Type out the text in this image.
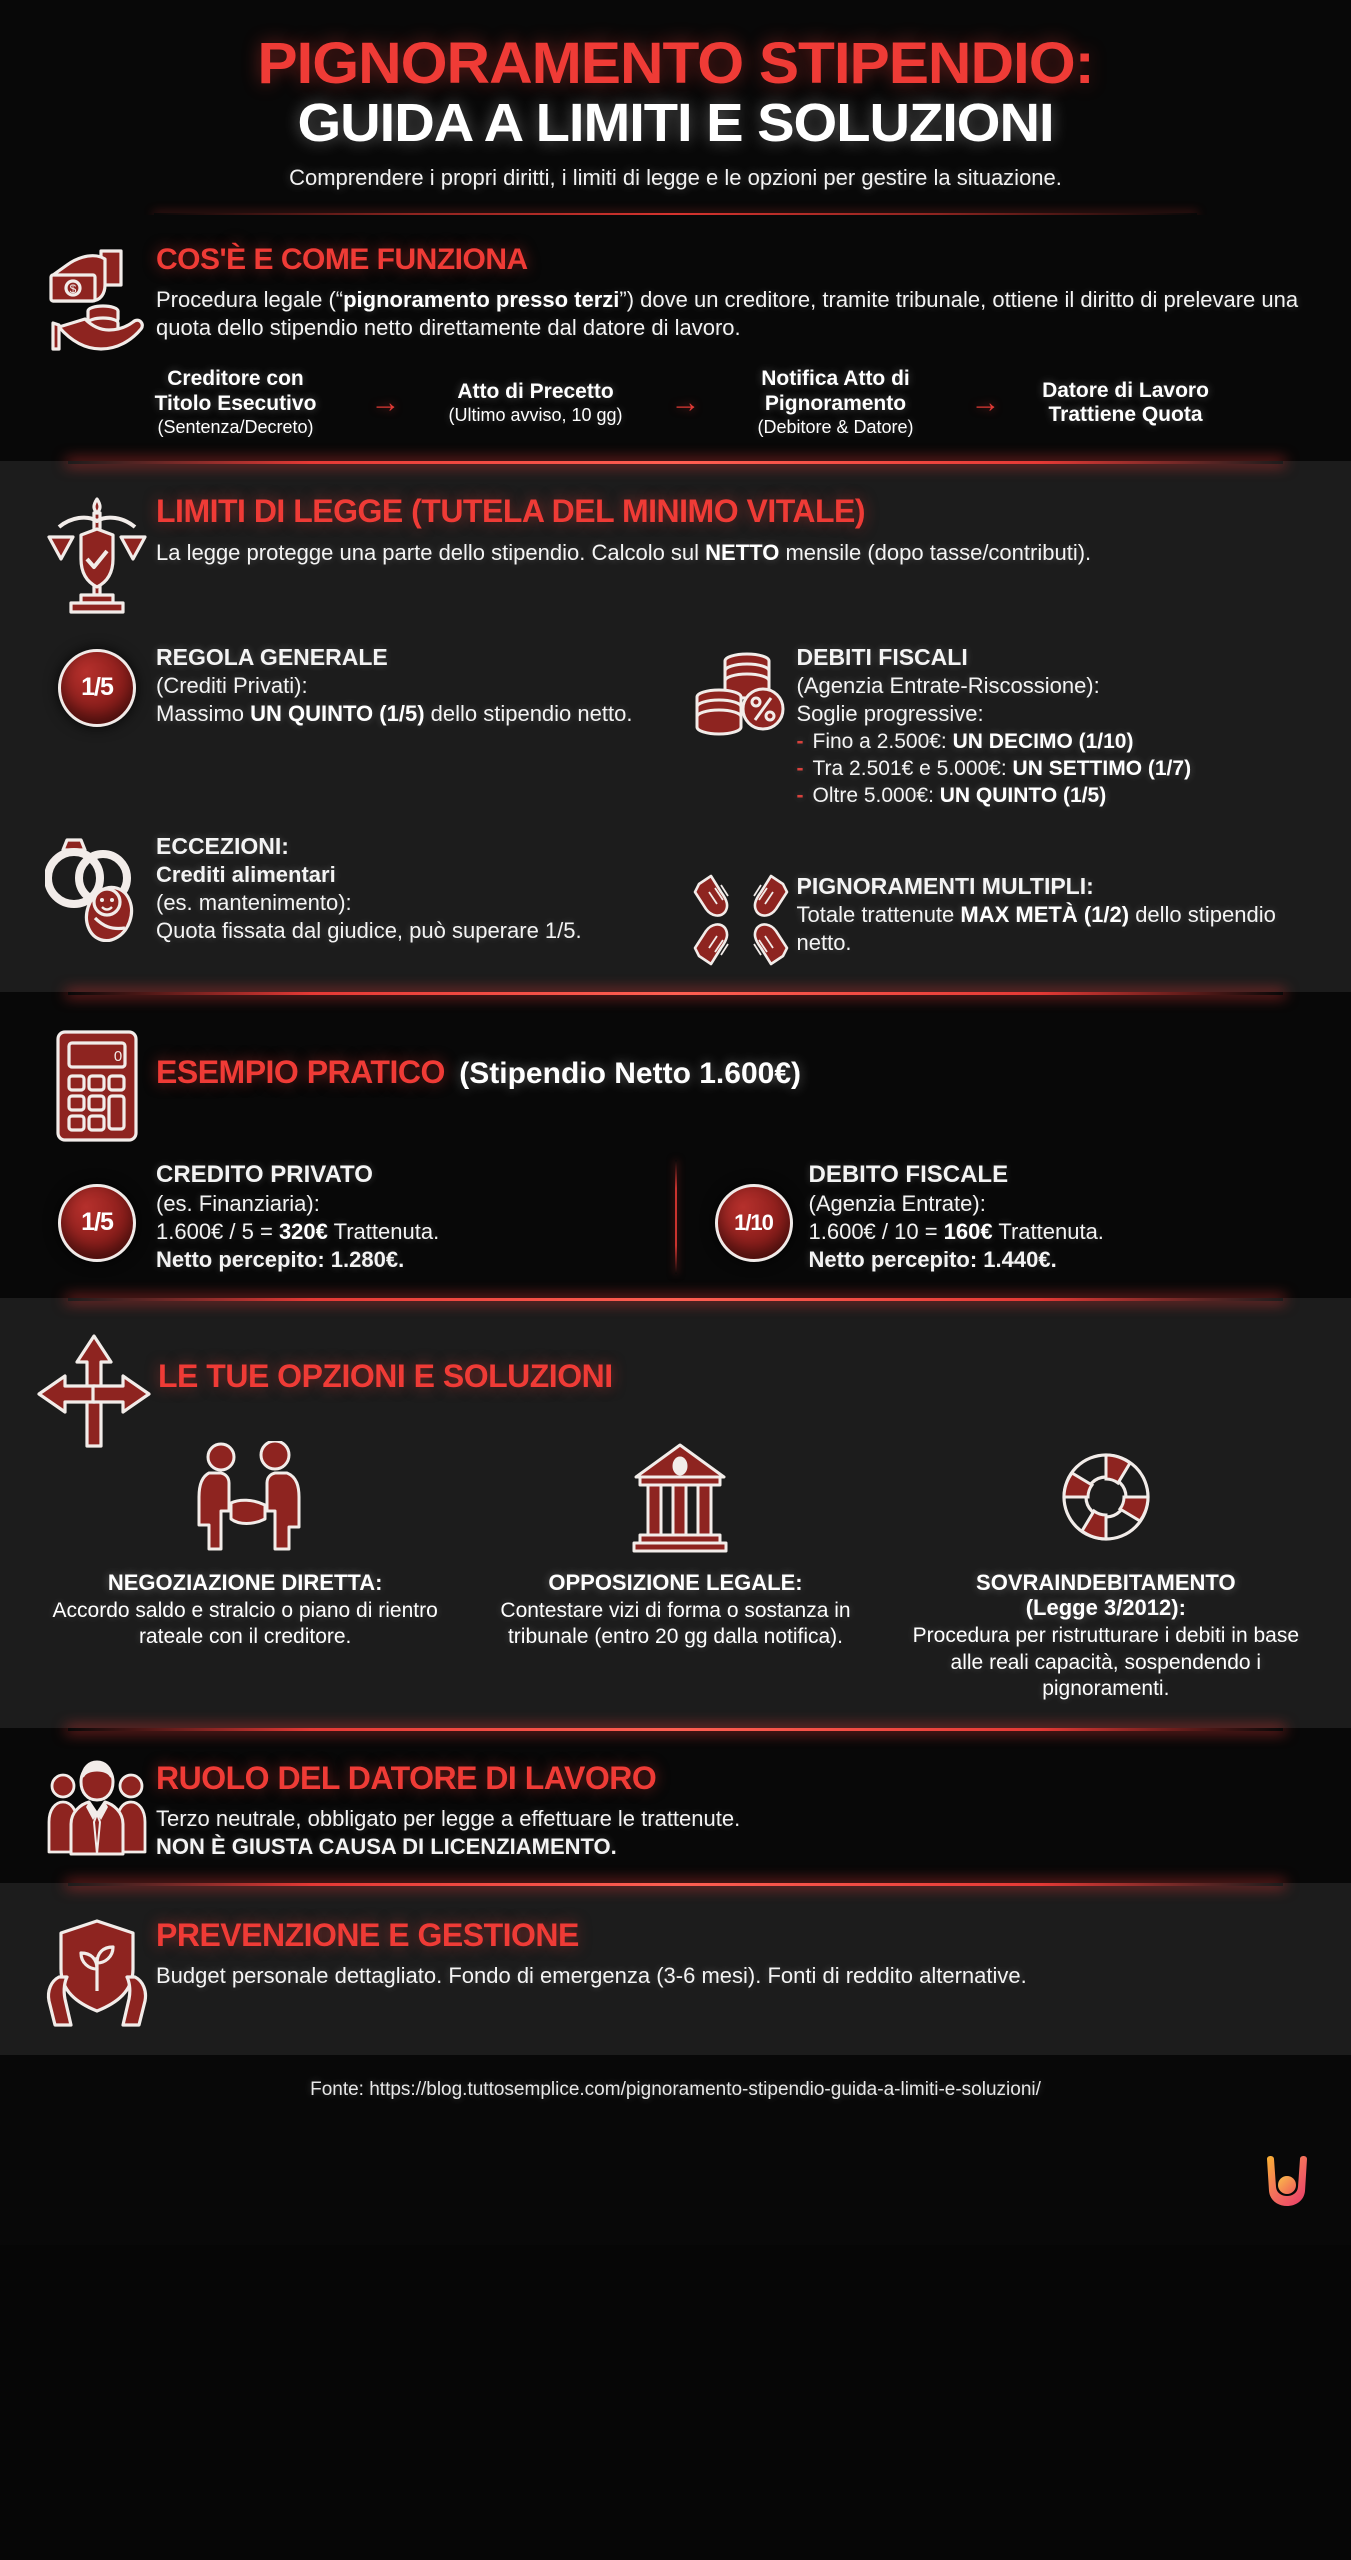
PIGNORAMENTO STIPENDIO:
GUIDA A LIMITI E SOLUZIONI
Comprendere i propri diritti, i limiti di legge e le opzioni per gestire la situazione.
$
COS'È E COME FUNZIONA
Procedura legale (“pignoramento presso terzi”) dove un creditore, tramite tribunale, ottiene il diritto di prelevare una quota dello stipendio netto direttamente dal datore di lavoro.
Creditore con
Titolo Esecutivo
(Sentenza/Decreto)
→	Atto di Precetto
(Ultimo avviso, 10 gg)	→
Notifica Atto di
Pignoramento
(Debitore & Datore)
→	Datore di Lavoro
Trattiene Quota
LIMITI DI LEGGE (TUTELA DEL MINIMO VITALE)
La legge protegge una parte dello stipendio. Calcolo sul NETTO mensile (dopo tasse/contributi).
1/5
REGOLA GENERALE
(Crediti Privati):
Massimo UN QUINTO (1/5) dello stipendio netto.
DEBITI FISCALI
(Agenzia Entrate-Riscossione):
Soglie progressive:
- Fino a 2.500€: UN DECIMO (1/10)
- Tra 2.501€ e 5.000€: UN SETTIMO (1/7)
- Oltre 5.000€: UN QUINTO (1/5)
ECCEZIONI:
Crediti alimentari
(es. mantenimento):
Quota fissata dal giudice, può superare 1/5.
PIGNORAMENTI MULTIPLI:
Totale trattenute MAX METÀ (1/2) dello stipendio netto.
0 ESEMPIO PRATICO (Stipendio Netto 1.600€)
1/5
CREDITO PRIVATO
(es. Finanziaria):
1.600€ / 5 = 320€ Trattenuta.
Netto percepito: 1.280€.
1/10
DEBITO FISCALE
(Agenzia Entrate):
1.600€ / 10 = 160€ Trattenuta.
Netto percepito: 1.440€.
LE TUE OPZIONI E SOLUZIONI
NEGOZIAZIONE DIRETTA:
Accordo saldo e stralcio o piano di rientro rateale con il creditore.
OPPOSIZIONE LEGALE:
Contestare vizi di forma o sostanza in tribunale (entro 20 gg dalla notifica).
SOVRAINDEBITAMENTO
(Legge 3/2012):
Procedura per ristrutturare i debiti in base alle reali capacità, sospendendo i pignoramenti.
RUOLO DEL DATORE DI LAVORO
Terzo neutrale, obbligato per legge a effettuare le trattenute.
NON È GIUSTA CAUSA DI LICENZIAMENTO.
PREVENZIONE E GESTIONE
Budget personale dettagliato. Fondo di emergenza (3-6 mesi). Fonti di reddito alternative.
Fonte: https://blog.tuttosemplice.com/pignoramento-stipendio-guida-a-limiti-e-soluzioni/
